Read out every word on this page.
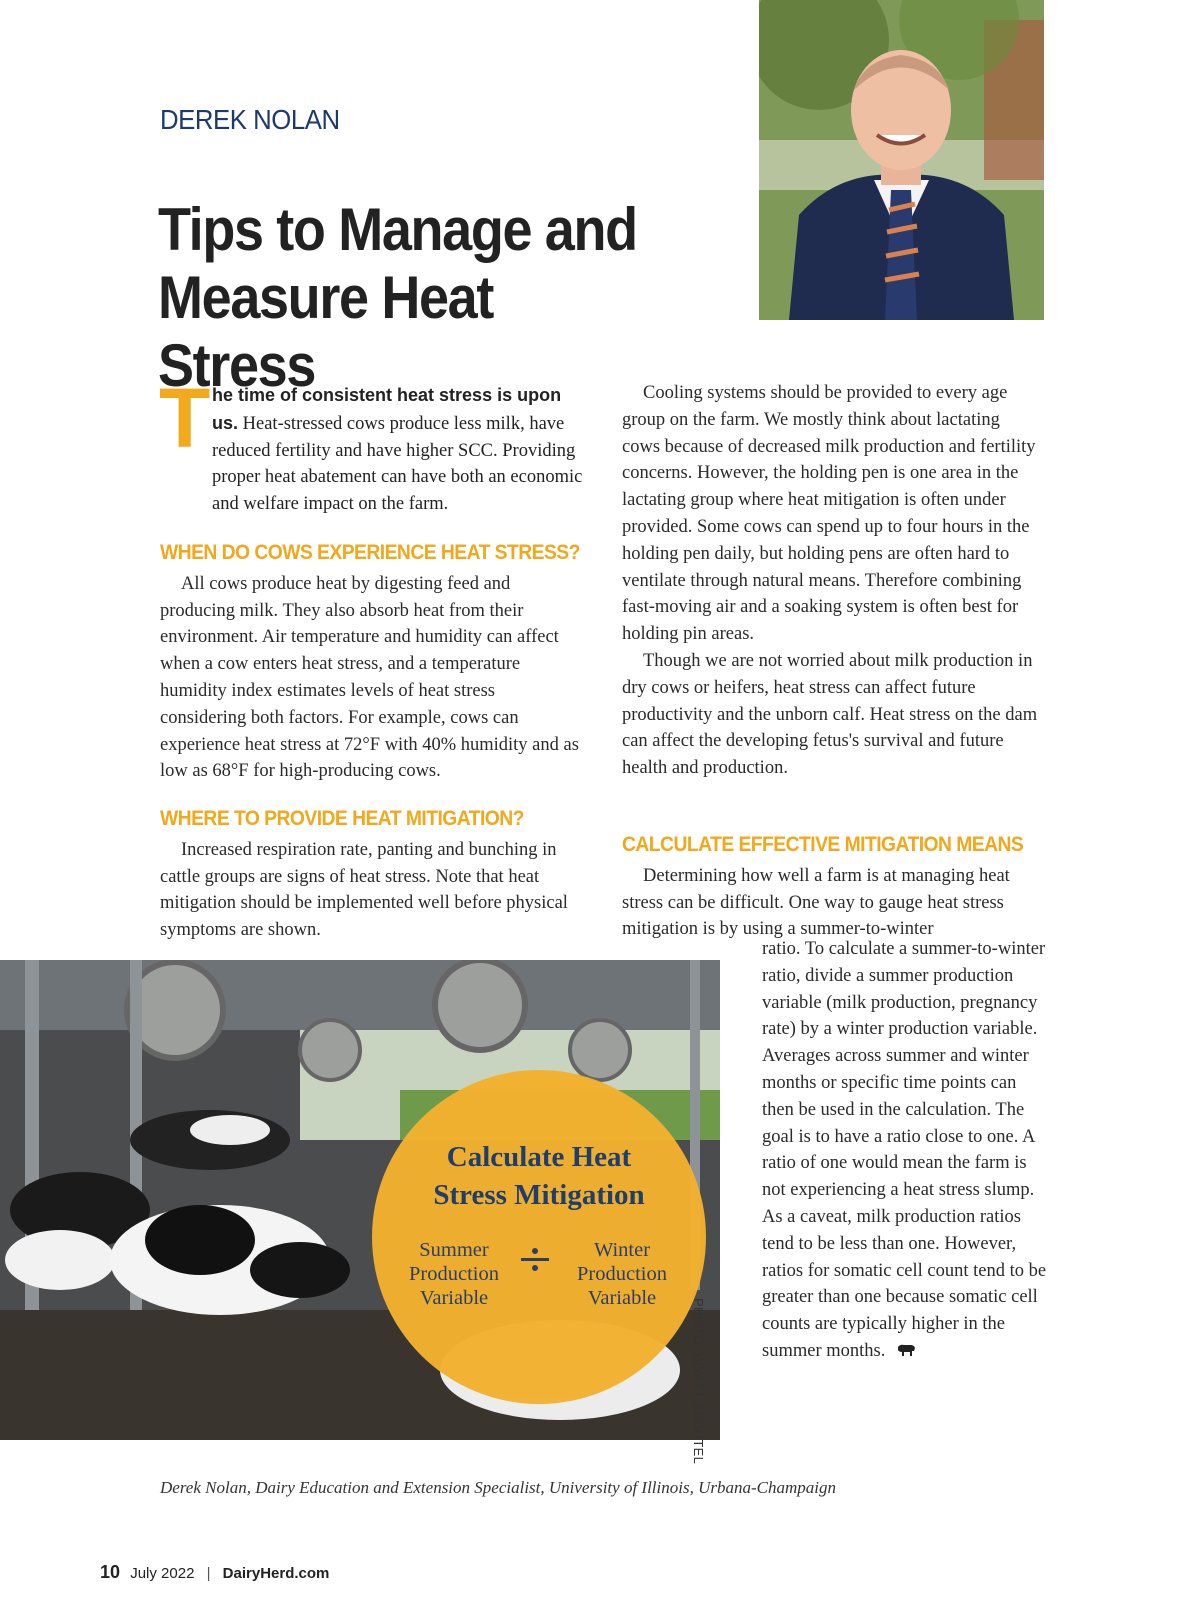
DEREK NOLAN
Tips to Manage and
Measure Heat Stress
T he time of consistent heat stress is upon us. Heat-stressed cows produce less milk, have reduced fertility and have higher SCC. Providing proper heat abatement can have both an economic and welfare impact on the farm.
WHEN DO COWS EXPERIENCE HEAT STRESS?

All cows produce heat by digesting feed and producing milk. They also absorb heat from their environment. Air temperature and humidity can affect when a cow enters heat stress, and a temperature humidity index estimates levels of heat stress considering both factors. For example, cows can experience heat stress at 72°F with 40% humidity and as low as 68°F for high-producing cows.

WHERE TO PROVIDE HEAT MITIGATION?

Increased respiration rate, panting and bunching in cattle groups are signs of heat stress. Note that heat mitigation should be implemented well before physical symptoms are shown.

Cooling systems should be provided to every age group on the farm. We mostly think about lactating cows because of decreased milk production and fertility concerns. However, the holding pen is one area in the lactating group where heat mitigation is often under provided. Some cows can spend up to four hours in the holding pen daily, but holding pens are often hard to ventilate through natural means. Therefore combining fast-moving air and a soaking system is often best for holding pin areas.

Though we are not worried about milk production in dry cows or heifers, heat stress can affect future productivity and the unborn calf. Heat stress on the dam can affect the developing fetus's survival and future health and production.

CALCULATE EFFECTIVE MITIGATION MEANS

Determining how well a farm is at managing heat stress can be difficult. One way to gauge heat stress mitigation is by using a summer-to-winter

ratio. To calculate a summer-to-winter ratio, divide a summer production variable (milk production, pregnancy rate) by a winter production variable. Averages across summer and winter months or specific time points can then be used in the calculation. The goal is to have a ratio close to one. A ratio of one would mean the farm is not experiencing a heat stress slump. As a caveat, milk production ratios tend to be less than one. However, ratios for somatic cell count tend to be greater than one because somatic cell counts are typically higher in the summer months.

PHOTO: WYATT BECHTEL
Calculate Heat
Stress Mitigation
Summer
Production
Variable
Winter
Production
Variable
Derek Nolan, Dairy Education and Extension Specialist, University of Illinois, Urbana-Champaign
10 July 2022 | DairyHerd.com
